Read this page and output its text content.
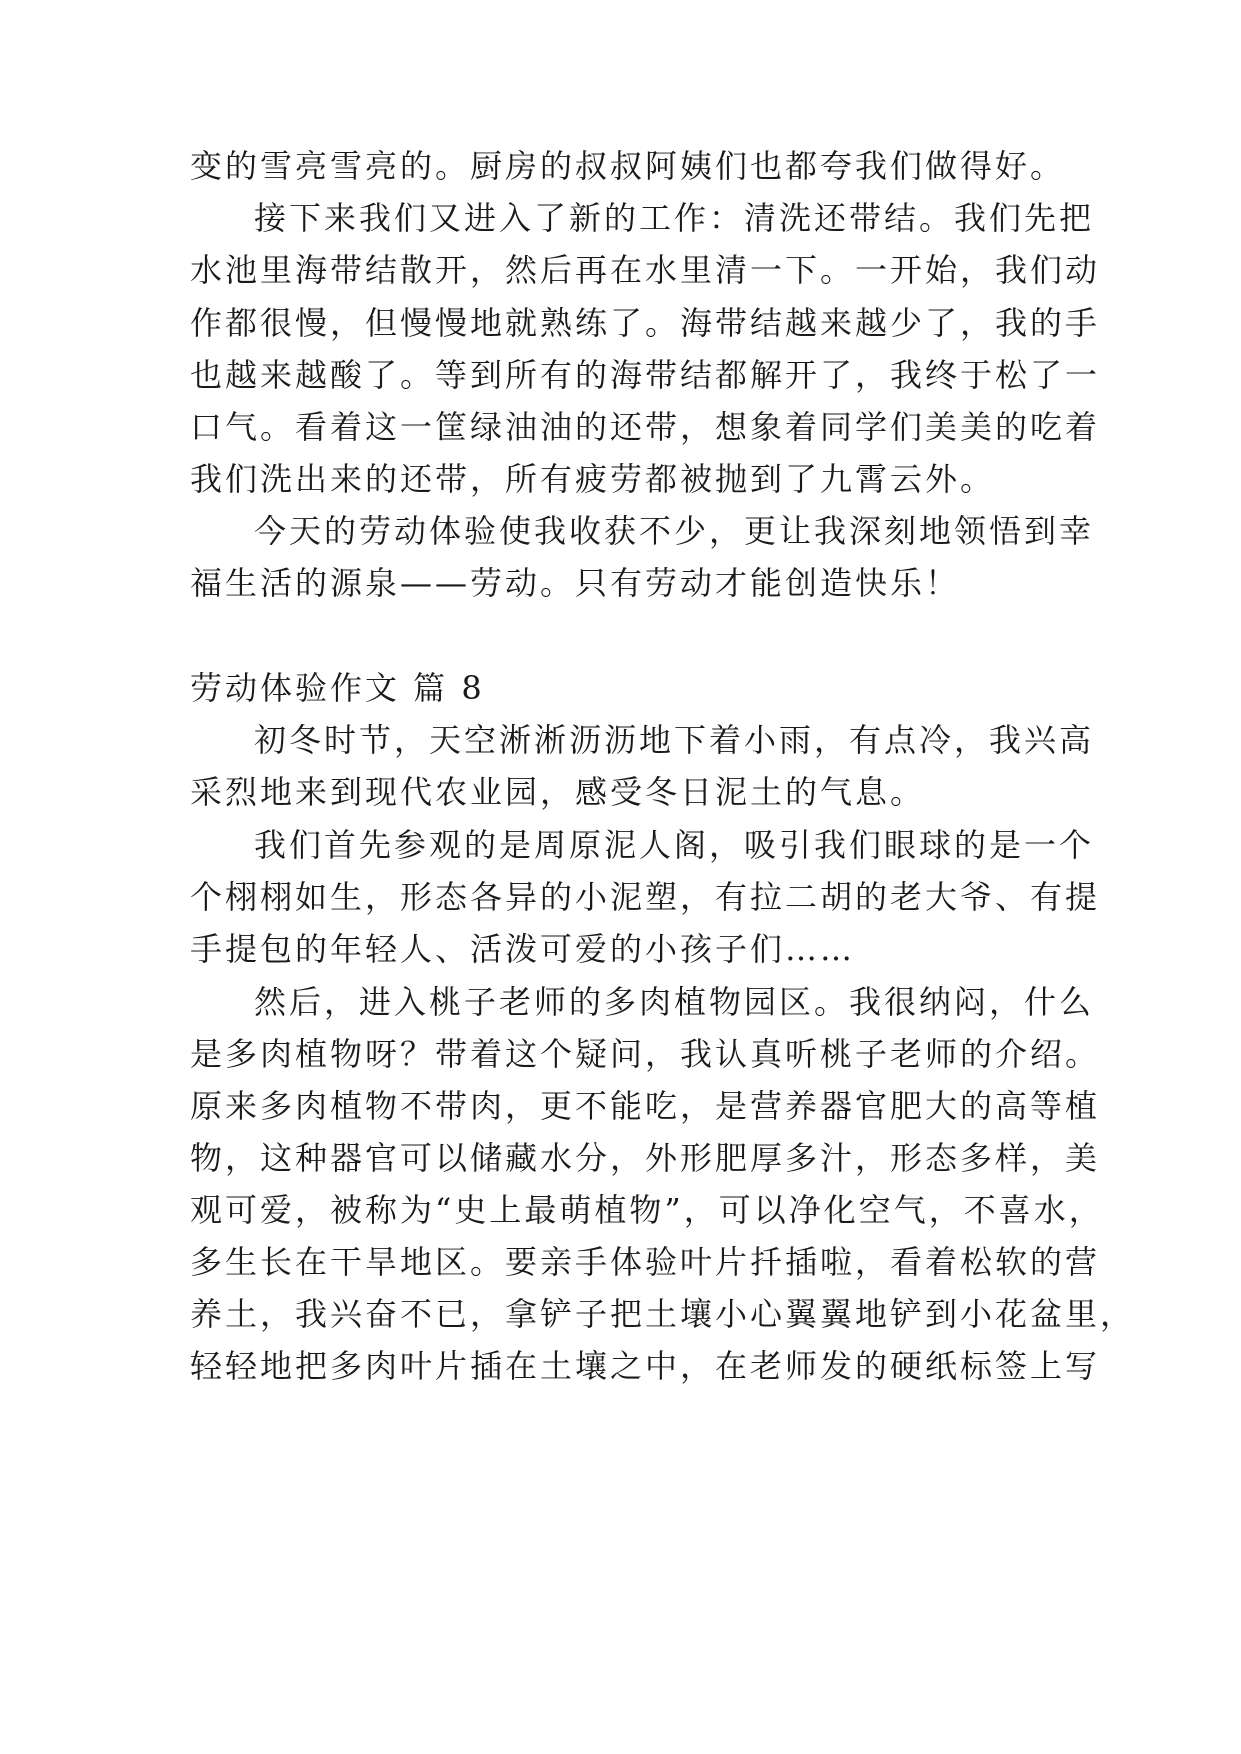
变的雪亮雪亮的。厨房的叔叔阿姨们也都夸我们做得好。
接下来我们又进入了新的工作：清洗还带结。我们先把
水池里海带结散开，然后再在水里清一下。一开始，我们动
作都很慢，但慢慢地就熟练了。海带结越来越少了，我的手
也越来越酸了。等到所有的海带结都解开了，我终于松了一
口气。看着这一筐绿油油的还带，想象着同学们美美的吃着
我们洗出来的还带，所有疲劳都被抛到了九霄云外。
今天的劳动体验使我收获不少，更让我深刻地领悟到幸
福生活的源泉——劳动。只有劳动才能创造快乐！
劳动体验作文 篇 8
初冬时节，天空淅淅沥沥地下着小雨，有点冷，我兴高
采烈地来到现代农业园，感受冬日泥土的气息。
我们首先参观的是周原泥人阁，吸引我们眼球的是一个
个栩栩如生，形态各异的小泥塑，有拉二胡的老大爷、有提
手提包的年轻人、活泼可爱的小孩子们……
然后，进入桃子老师的多肉植物园区。我很纳闷，什么
是多肉植物呀？带着这个疑问，我认真听桃子老师的介绍。
原来多肉植物不带肉，更不能吃，是营养器官肥大的高等植
物，这种器官可以储藏水分，外形肥厚多汁，形态多样，美
观可爱，被称为“史上最萌植物”，可以净化空气，不喜水，
多生长在干旱地区。要亲手体验叶片扦插啦，看着松软的营
养土，我兴奋不已，拿铲子把土壤小心翼翼地铲到小花盆里，
轻轻地把多肉叶片插在土壤之中，在老师发的硬纸标签上写
